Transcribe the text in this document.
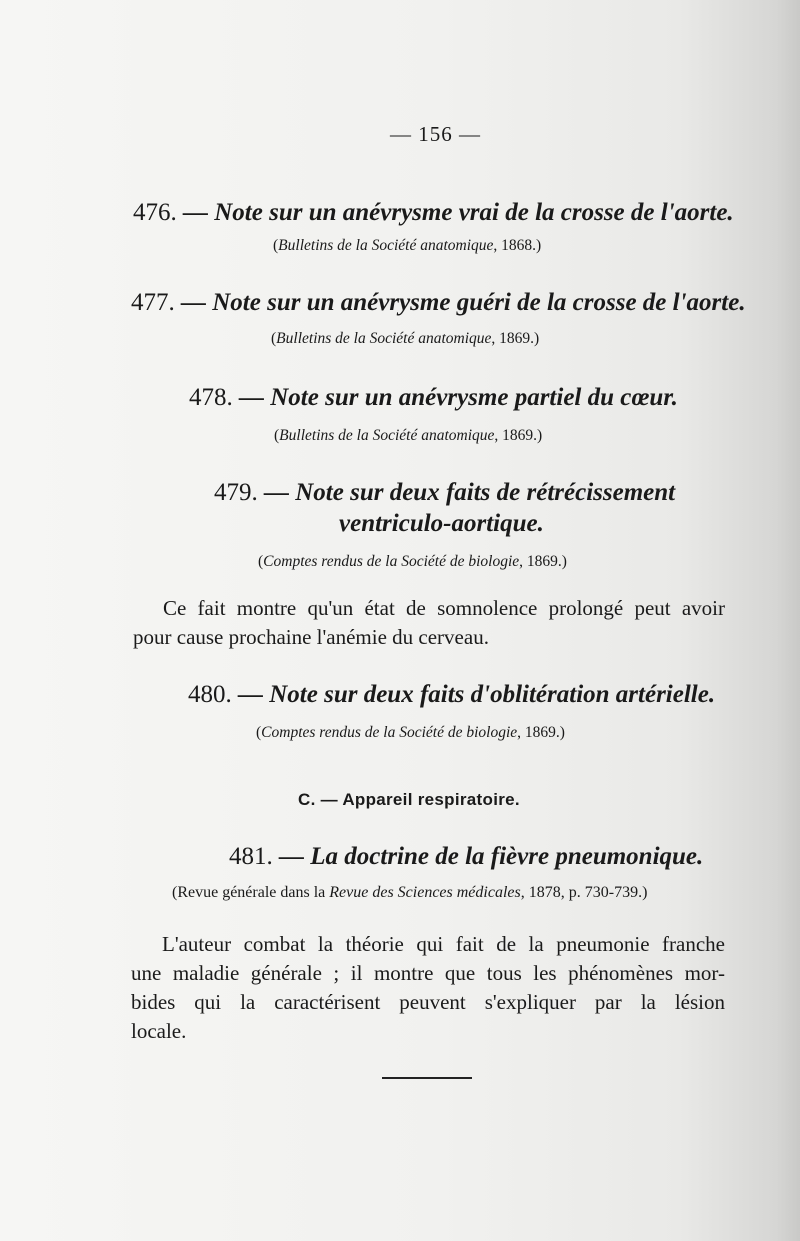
— 156 —
476. — Note sur un anévrysme vrai de la crosse de l'aorte.
(Bulletins de la Société anatomique, 1868.)
477. — Note sur un anévrysme guéri de la crosse de l'aorte.
(Bulletins de la Société anatomique, 1869.)
478. — Note sur un anévrysme partiel du cœur.
(Bulletins de la Société anatomique, 1869.)
479. — Note sur deux faits de rétrécissement
ventriculo-aortique.
(Comptes rendus de la Société de biologie, 1869.)
Ce fait montre qu'un état de somnolence prolongé peut avoir
pour cause prochaine l'anémie du cerveau.
480. — Note sur deux faits d'oblitération artérielle.
(Comptes rendus de la Société de biologie, 1869.)
C. — Appareil respiratoire.
481. — La doctrine de la fièvre pneumonique.
(Revue générale dans la Revue des Sciences médicales, 1878, p. 730-739.)
L'auteur combat la théorie qui fait de la pneumonie franche
une maladie générale ; il montre que tous les phénomènes mor-
bides qui la caractérisent peuvent s'expliquer par la lésion
locale.
